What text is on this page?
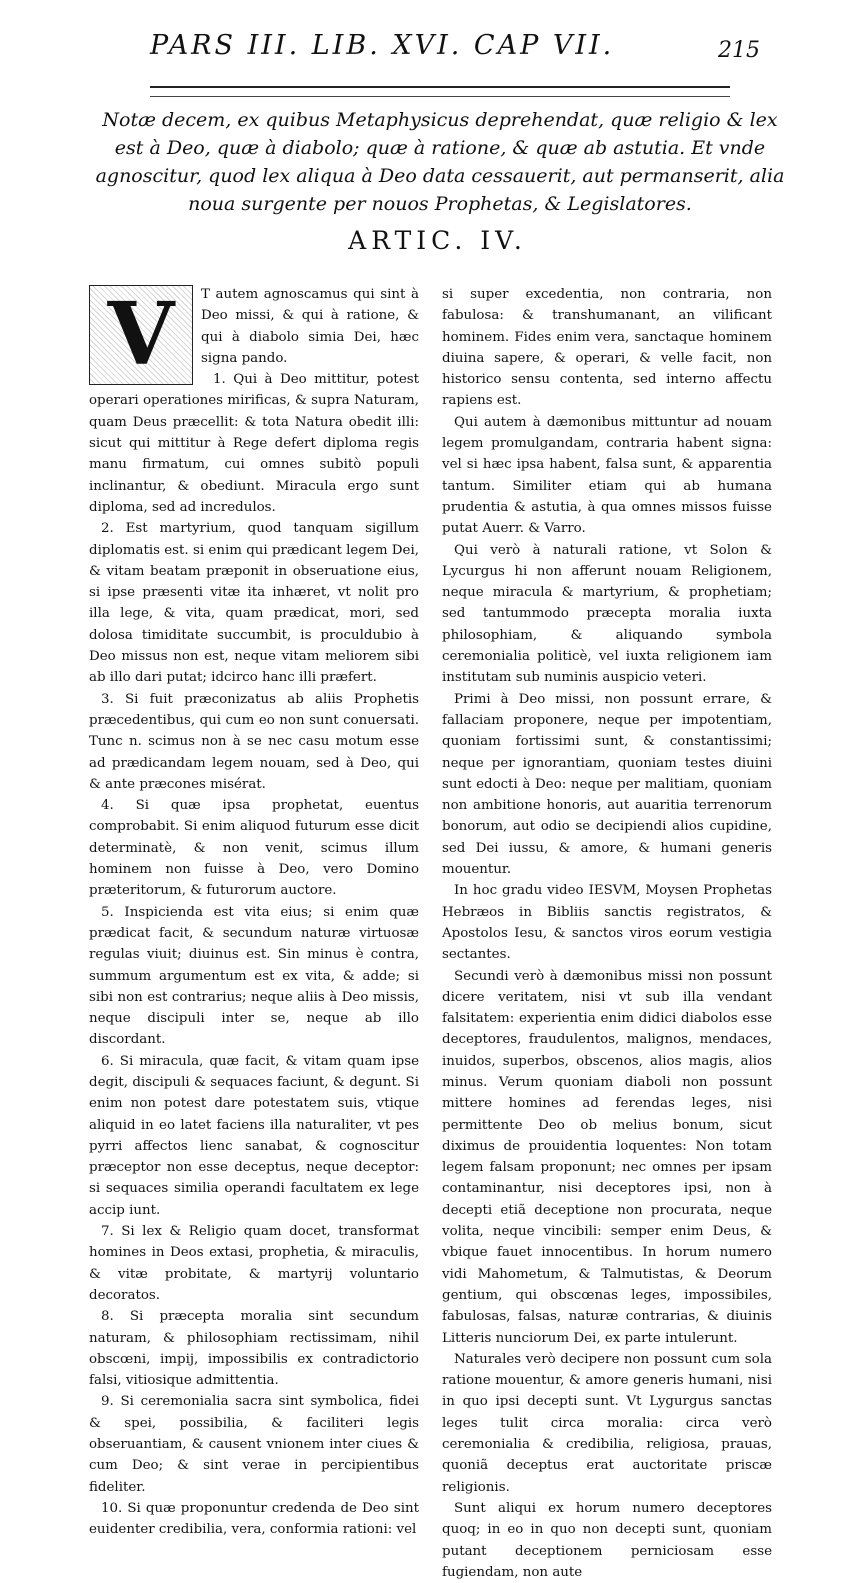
PARS III. LIB. XVI. CAP VII.	215
Notæ decem, ex quibus Metaphysicus deprehendat, quæ religio & lex est à Deo, quæ à diabolo; quæ à ratione, & quæ ab astutia. Et vnde agnoscitur, quod lex aliqua à Deo data cessauerit, aut permanserit, alia noua surgente per nouos Prophetas, & Legislatores.
ARTIC. IV.
V	T autem agnoscamus qui sint à Deo missi, & qui à ratione, & qui à diabolo simia Dei, hæc signa pando.

1. Qui à Deo mittitur, potest operari operationes mirificas, & supra Naturam, quam Deus præcellit: & tota Natura obedit illi: sicut qui mittitur à Rege defert diploma regis manu firmatum, cui omnes subitò populi inclinantur, & obediunt. Miracula ergo sunt diploma, sed ad incredulos.

2. Est martyrium, quod tanquam sigillum diplomatis est. si enim qui prædicant legem Dei, & vitam beatam præponit in obseruatione eius, si ipse præsenti vitæ ita inhæret, vt nolit pro illa lege, & vita, quam prædicat, mori, sed dolosa timiditate succumbit, is proculdubio à Deo missus non est, neque vitam meliorem sibi ab illo dari putat; idcirco hanc illi præfert.

3. Si fuit præconizatus ab aliis Prophetis præcedentibus, qui cum eo non sunt conuersati. Tunc n. scimus non à se nec casu motum esse ad prædicandam legem nouam, sed à Deo, qui & ante præcones misérat.

4. Si quæ ipsa prophetat, euentus comprobabit. Si enim aliquod futurum esse dicit determinatè, & non venit, scimus illum hominem non fuisse à Deo, vero Domino præteritorum, & futurorum auctore.

5. Inspicienda est vita eius; si enim quæ prædicat facit, & secundum naturæ virtuosæ regulas viuit; diuinus est. Sin minus è contra, summum argumentum est ex vita, & adde; si sibi non est contrarius; neque aliis à Deo missis, neque discipuli inter se, neque ab illo discordant.

6. Si miracula, quæ facit, & vitam quam ipse degit, discipuli & sequaces faciunt, & degunt. Si enim non potest dare potestatem suis, vtique aliquid in eo latet faciens illa naturaliter, vt pes pyrri affectos lienc sanabat, & cognoscitur præceptor non esse deceptus, neque deceptor: si sequaces similia operandi facultatem ex lege accip iunt.

7. Si lex & Religio quam docet, transformat homines in Deos extasi, prophetia, & miraculis, & vitæ probitate, & martyrij voluntario decoratos.

8. Si præcepta moralia sint secundum naturam, & philosophiam rectissimam, nihil obscœni, impij, impossibilis ex contradictorio falsi, vitiosique admittentia.

9. Si ceremonialia sacra sint symbolica, fidei & spei, possibilia, & faciliteri legis obseruantiam, & causent vnionem inter ciues & cum Deo; & sint verae in percipientibus fideliter.

10. Si quæ proponuntur credenda de Deo sint euidenter credibilia, vera, conformia rationi: vel

si super excedentia, non contraria, non fabulosa: & transhumanant, an vilificant hominem. Fides enim vera, sanctaque hominem diuina sapere, & operari, & velle facit, non historico sensu contenta, sed interno affectu rapiens est.

Qui autem à dæmonibus mittuntur ad nouam legem promulgandam, contraria habent signa: vel si hæc ipsa habent, falsa sunt, & apparentia tantum. Similiter etiam qui ab humana prudentia & astutia, à qua omnes missos fuisse putat Auerr. & Varro.

Qui verò à naturali ratione, vt Solon & Lycurgus hi non afferunt nouam Religionem, neque miracula & martyrium, & prophetiam; sed tantummodo præcepta moralia iuxta philosophiam, & aliquando symbola ceremonialia politicè, vel iuxta religionem iam institutam sub numinis auspicio veteri.

Primi à Deo missi, non possunt errare, & fallaciam proponere, neque per impotentiam, quoniam fortissimi sunt, & constantissimi; neque per ignorantiam, quoniam testes diuini sunt edocti à Deo: neque per malitiam, quoniam non ambitione honoris, aut auaritia terrenorum bonorum, aut odio se decipiendi alios cupidine, sed Dei iussu, & amore, & humani generis mouentur.

In hoc gradu video IESVM, Moysen Prophetas Hebræos in Bibliis sanctis registratos, & Apostolos Iesu, & sanctos viros eorum vestigia sectantes.

Secundi verò à dæmonibus missi non possunt dicere veritatem, nisi vt sub illa vendant falsitatem: experientia enim didici diabolos esse deceptores, fraudulentos, malignos, mendaces, inuidos, superbos, obscenos, alios magis, alios minus. Verum quoniam diaboli non possunt mittere homines ad ferendas leges, nisi permittente Deo ob melius bonum, sicut diximus de prouidentia loquentes: Non totam legem falsam proponunt; nec omnes per ipsam contaminantur, nisi deceptores ipsi, non à decepti etiã deceptione non procurata, neque volita, neque vincibili: semper enim Deus, & vbique fauet innocentibus. In horum numero vidi Mahometum, & Talmutistas, & Deorum gentium, qui obscœnas leges, impossibiles, fabulosas, falsas, naturæ contrarias, & diuinis Litteris nunciorum Dei, ex parte intulerunt.

Naturales verò decipere non possunt cum sola ratione mouentur, & amore generis humani, nisi in quo ipsi decepti sunt. Vt Lygurgus sanctas leges tulit circa moralia: circa verò ceremonialia & credibilia, religiosa, prauas, quoniã deceptus erat auctoritate priscæ religionis.

Sunt aliqui ex horum numero deceptores quoq; in eo in quo non decepti sunt, quoniam putant deceptionem perniciosam esse fugiendam, non aute
